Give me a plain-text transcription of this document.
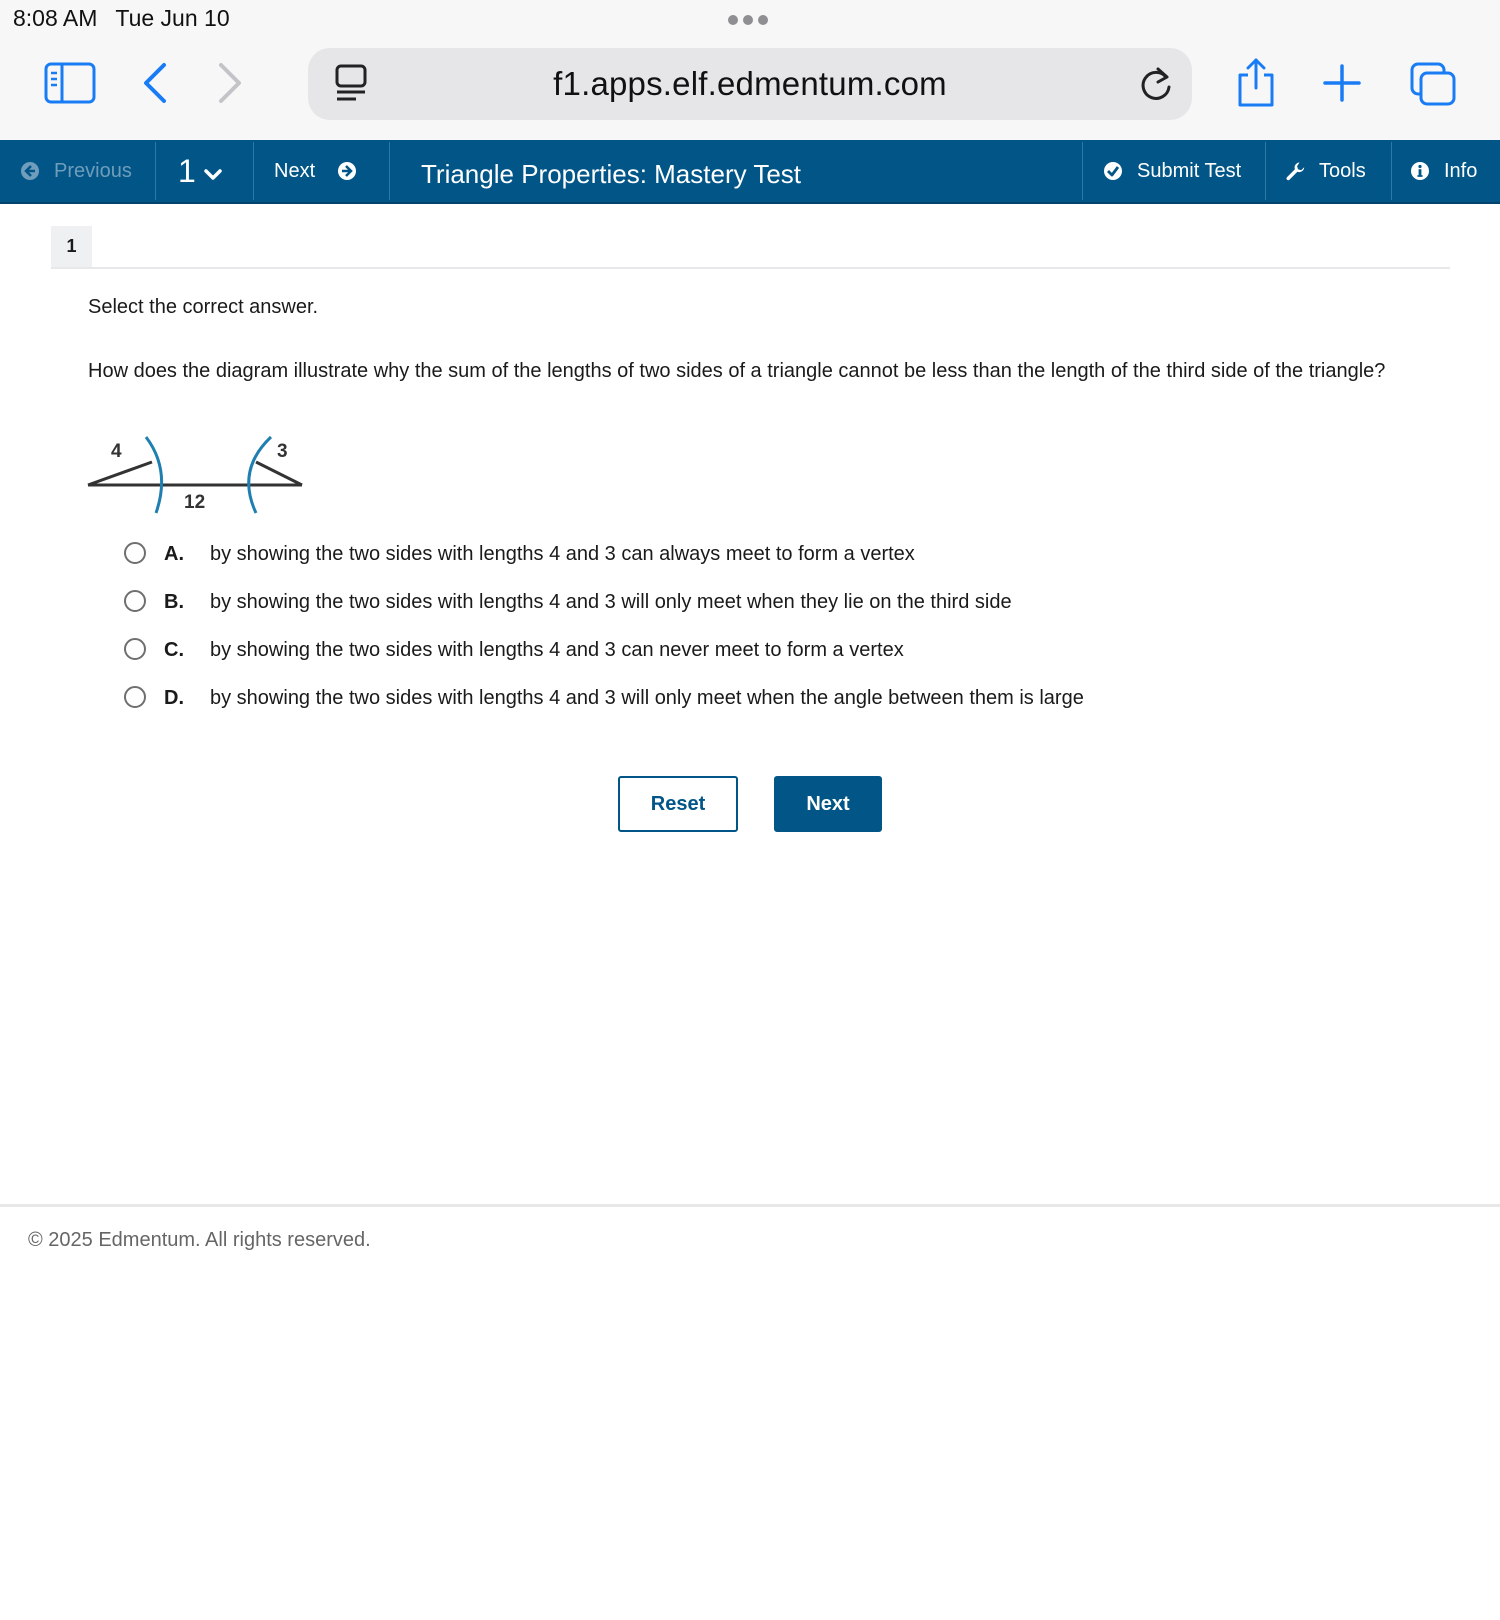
8:08 AM Tue Jun 10
f1.apps.elf.edmentum.com
Previous 1	Next	Triangle Properties: Mastery Test	Submit Test	Tools	Info
1
Select the correct answer.
How does the diagram illustrate why the sum of the lengths of two sides of a triangle cannot be less than the length of the third side of the triangle?
4	3
12
A. by showing the two sides with lengths 4 and 3 can always meet to form a vertex
B. by showing the two sides with lengths 4 and 3 will only meet when they lie on the third side
C. by showing the two sides with lengths 4 and 3 can never meet to form a vertex
D. by showing the two sides with lengths 4 and 3 will only meet when the angle between them is large
Reset	Next
© 2025 Edmentum. All rights reserved.
